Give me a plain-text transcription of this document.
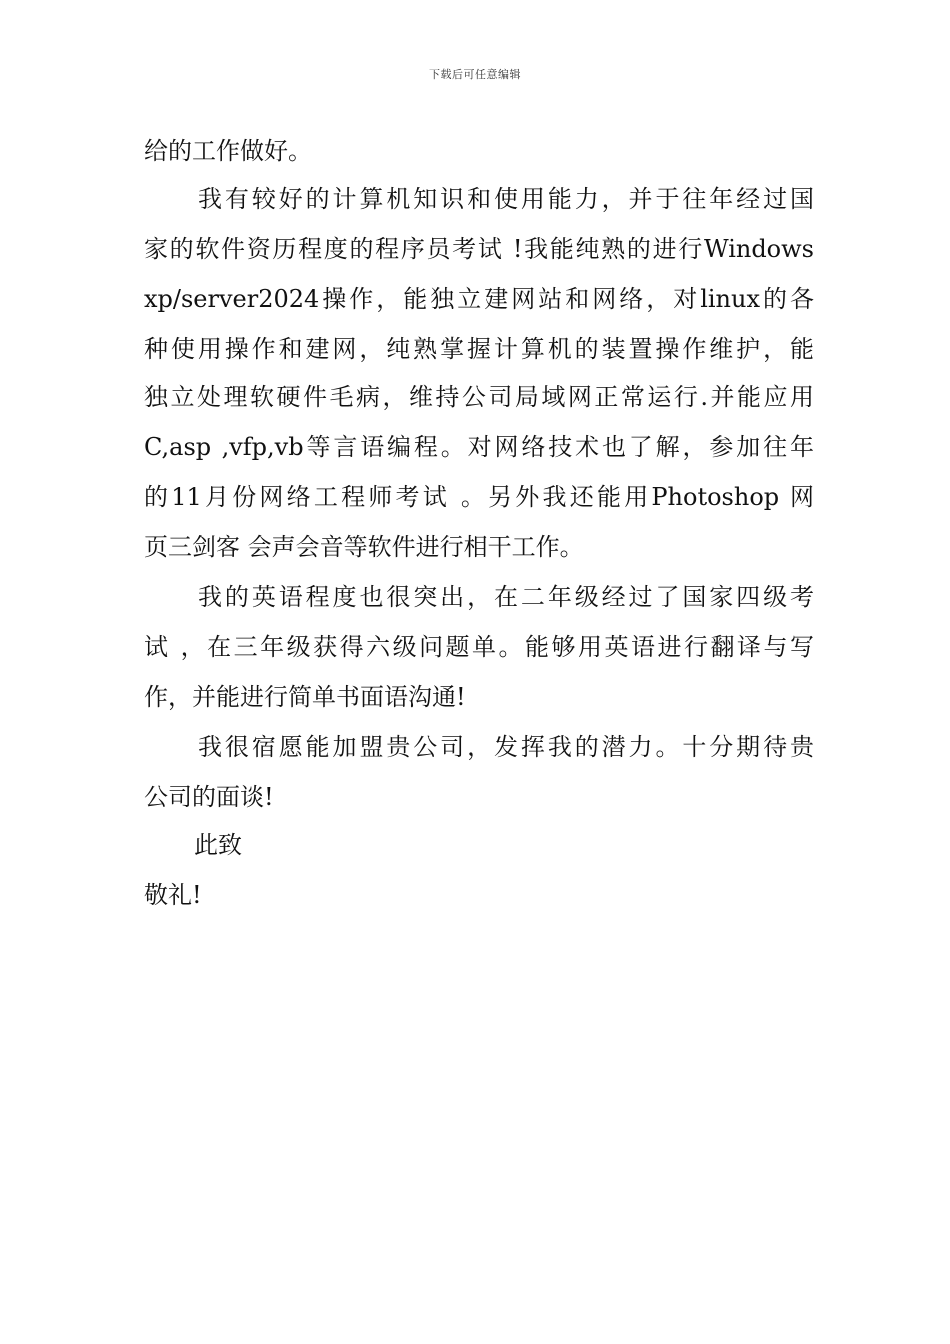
下载后可任意编辑
给的工作做好。
我有较好的计算机知识和使用能力，并于往年经过国
家的软件资历程度的程序员考试 !我能纯熟的进行Windows
xp/server2024操作，能独立建网站和网络，对linux的各
种使用操作和建网，纯熟掌握计算机的装置操作维护，能
独立处理软硬件毛病，维持公司局域网正常运行.并能应用
C,asp ,vfp,vb等言语编程。对网络技术也了解，参加往年
的11月份网络工程师考试 。另外我还能用Photoshop 网
页三剑客 会声会音等软件进行相干工作。
我的英语程度也很突出，在二年级经过了国家四级考
试 ，在三年级获得六级问题单。能够用英语进行翻译与写
作，并能进行简单书面语沟通!
我很宿愿能加盟贵公司，发挥我的潜力。十分期待贵
公司的面谈!
此致
敬礼!
